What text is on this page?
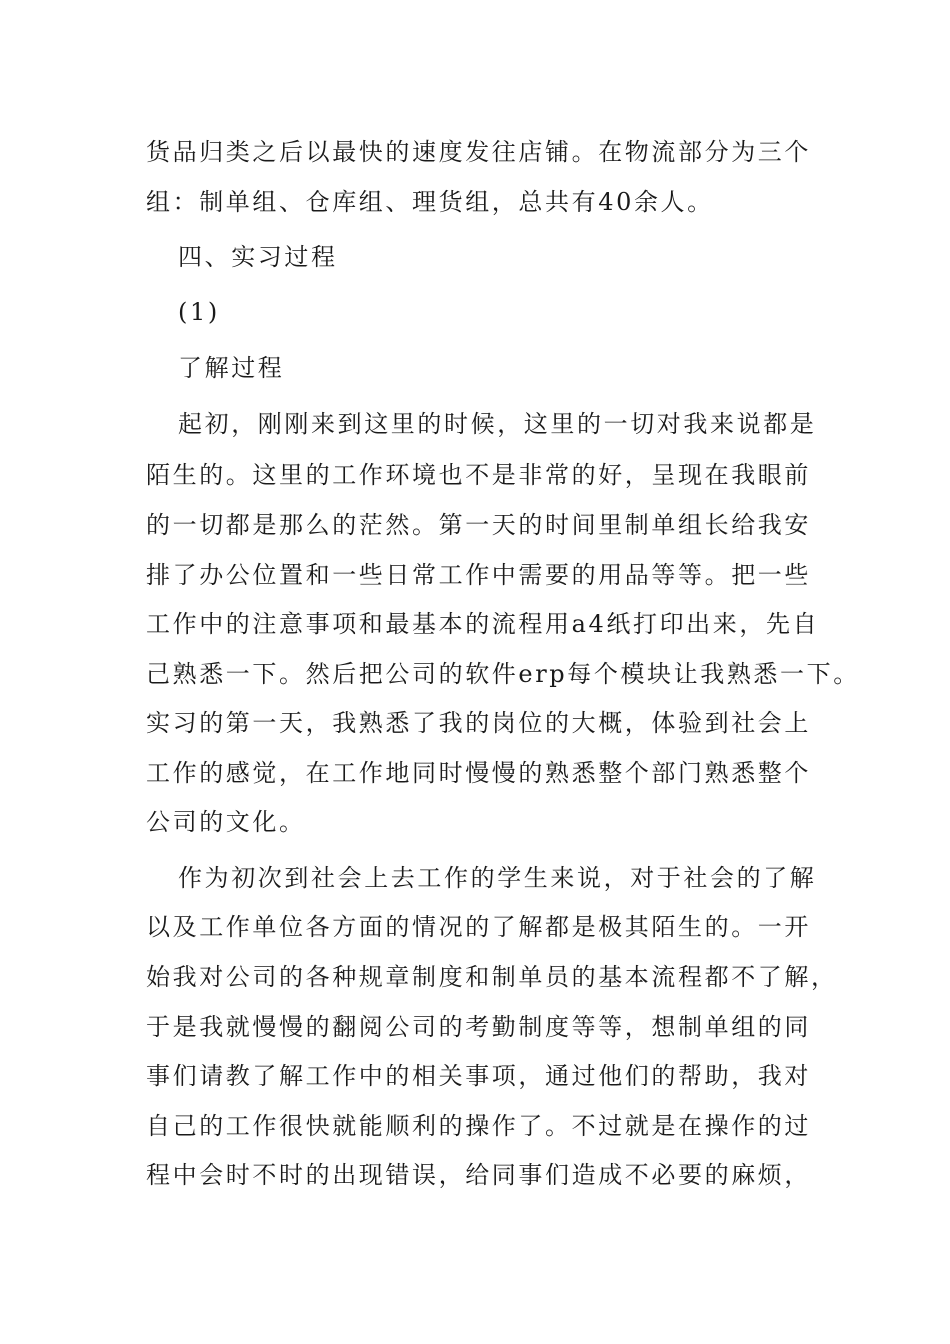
货品归类之后以最快的速度发往店铺。在物流部分为三个
组：制单组、仓库组、理货组，总共有40余人。
四、实习过程
(1)
了解过程
起初，刚刚来到这里的时候，这里的一切对我来说都是
陌生的。这里的工作环境也不是非常的好，呈现在我眼前
的一切都是那么的茫然。第一天的时间里制单组长给我安
排了办公位置和一些日常工作中需要的用品等等。把一些
工作中的注意事项和最基本的流程用a4纸打印出来，先自
己熟悉一下。然后把公司的软件erp每个模块让我熟悉一下。
实习的第一天，我熟悉了我的岗位的大概，体验到社会上
工作的感觉，在工作地同时慢慢的熟悉整个部门熟悉整个
公司的文化。
作为初次到社会上去工作的学生来说，对于社会的了解
以及工作单位各方面的情况的了解都是极其陌生的。一开
始我对公司的各种规章制度和制单员的基本流程都不了解，
于是我就慢慢的翻阅公司的考勤制度等等，想制单组的同
事们请教了解工作中的相关事项，通过他们的帮助，我对
自己的工作很快就能顺利的操作了。不过就是在操作的过
程中会时不时的出现错误，给同事们造成不必要的麻烦，
